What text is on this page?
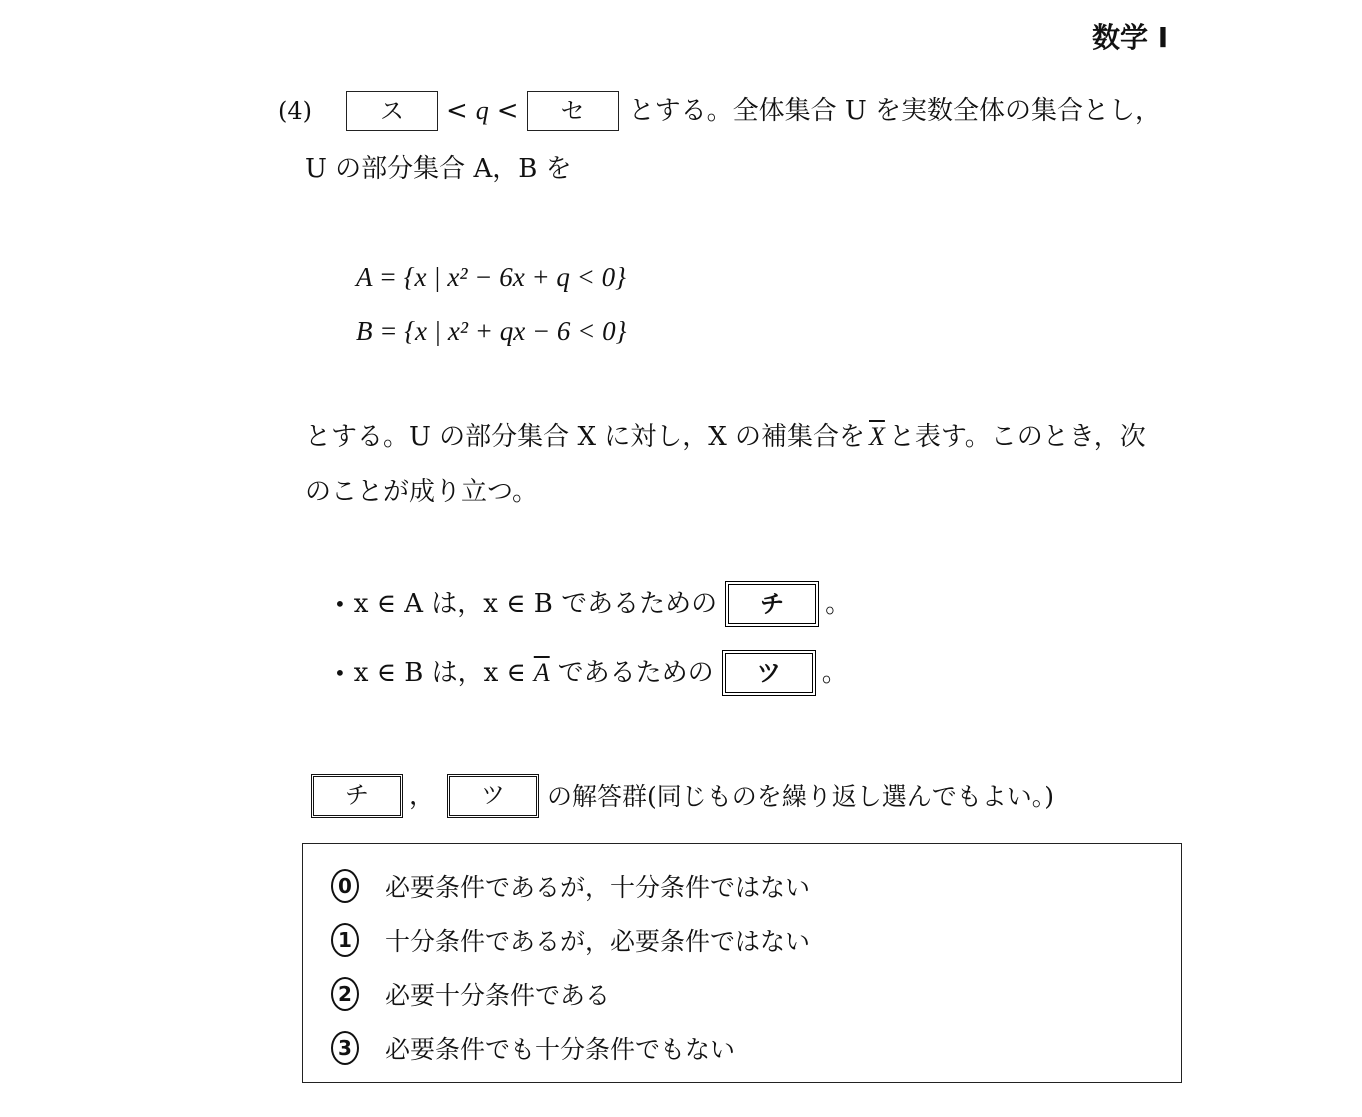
数学 I
(4)	ス	< q <	セ	とする。全体集合 U を実数全体の集合とし，
U の部分集合 A，B を
A = {x | x² − 6x + q < 0}
B = {x | x² + qx − 6 < 0}
とする。U の部分集合 X に対し，X の補集合を $\overline{X}$ と表す。このとき，次
のことが成り立つ。
• x ∈ A は，x ∈ B であるための	チ	。
• x ∈ B は，x ∈ $\overline{A}$ であるための	ツ	。
チ	，	ツ	の解答群(同じものを繰り返し選んでもよい。)
0 必要条件であるが，十分条件ではない
1 十分条件であるが，必要条件ではない
2 必要十分条件である
3 必要条件でも十分条件でもない
